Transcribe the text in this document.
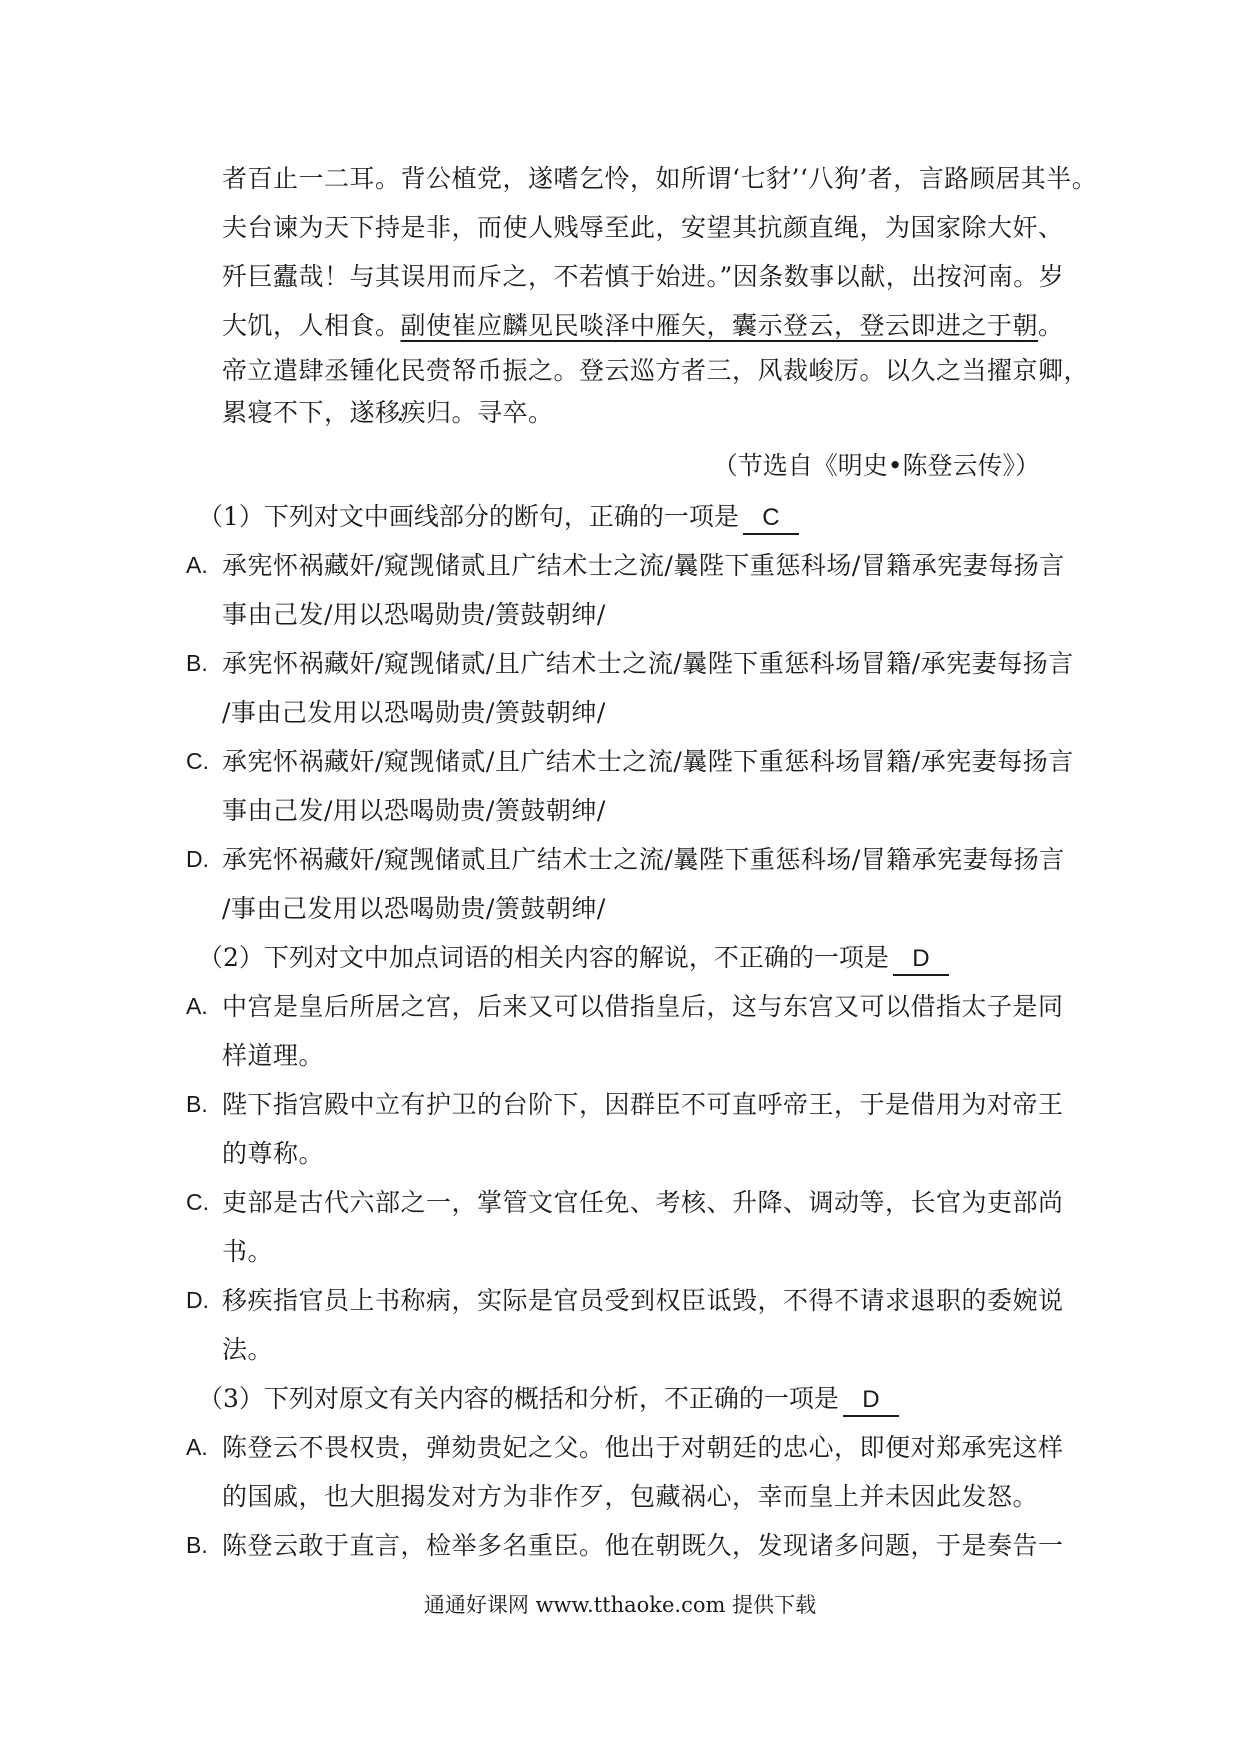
者百止一二耳。背公植党，遂嗜乞怜，如所谓‘七豺’‘八狗’者，言路顾居其半。
夫台谏为天下持是非，而使人贱辱至此，安望其抗颜直绳，为国家除大奸、
歼巨蠹哉！与其误用而斥之，不若慎于始进。”因条数事以献，出按河南。岁
大饥，人相食。副使崔应麟见民啖泽中雁矢，囊示登云，登云即进之于朝。
帝立遣肆丞锺化民赍帑币振之。登云巡方者三，风裁峻厉。以久之当擢京卿，
累寝不下，遂移疾归。寻卒。
（节选自《明史•陈登云传》）
（1）下列对文中画线部分的断句，正确的一项是 C
A. 承宪怀祸藏奸/窥觊储贰且广结术士之流/曩陛下重惩科场/冒籍承宪妻每扬言
事由己发/用以恐喝勋贵/箦鼓朝绅/
B. 承宪怀祸藏奸/窥觊储贰/且广结术士之流/曩陛下重惩科场冒籍/承宪妻每扬言
/事由己发用以恐喝勋贵/箦鼓朝绅/
C. 承宪怀祸藏奸/窥觊储贰/且广结术士之流/曩陛下重惩科场冒籍/承宪妻每扬言
事由己发/用以恐喝勋贵/箦鼓朝绅/
D. 承宪怀祸藏奸/窥觊储贰且广结术士之流/曩陛下重惩科场/冒籍承宪妻每扬言
/事由己发用以恐喝勋贵/箦鼓朝绅/
（2）下列对文中加点词语的相关内容的解说，不正确的一项是 D
A. 中宫是皇后所居之宫，后来又可以借指皇后，这与东宫又可以借指太子是同
样道理。
B. 陛下指宫殿中立有护卫的台阶下，因群臣不可直呼帝王，于是借用为对帝王
的尊称。
C. 吏部是古代六部之一，掌管文官任免、考核、升降、调动等，长官为吏部尚
书。
D. 移疾指官员上书称病，实际是官员受到权臣诋毁，不得不请求退职的委婉说
法。
（3）下列对原文有关内容的概括和分析，不正确的一项是 D
A. 陈登云不畏权贵，弹劾贵妃之父。他出于对朝廷的忠心，即便对郑承宪这样
的国戚，也大胆揭发对方为非作歹，包藏祸心，幸而皇上并未因此发怒。
B. 陈登云敢于直言，检举多名重臣。他在朝既久，发现诸多问题，于是奏告一
通通好课网 www.tthaoke.com 提供下载
